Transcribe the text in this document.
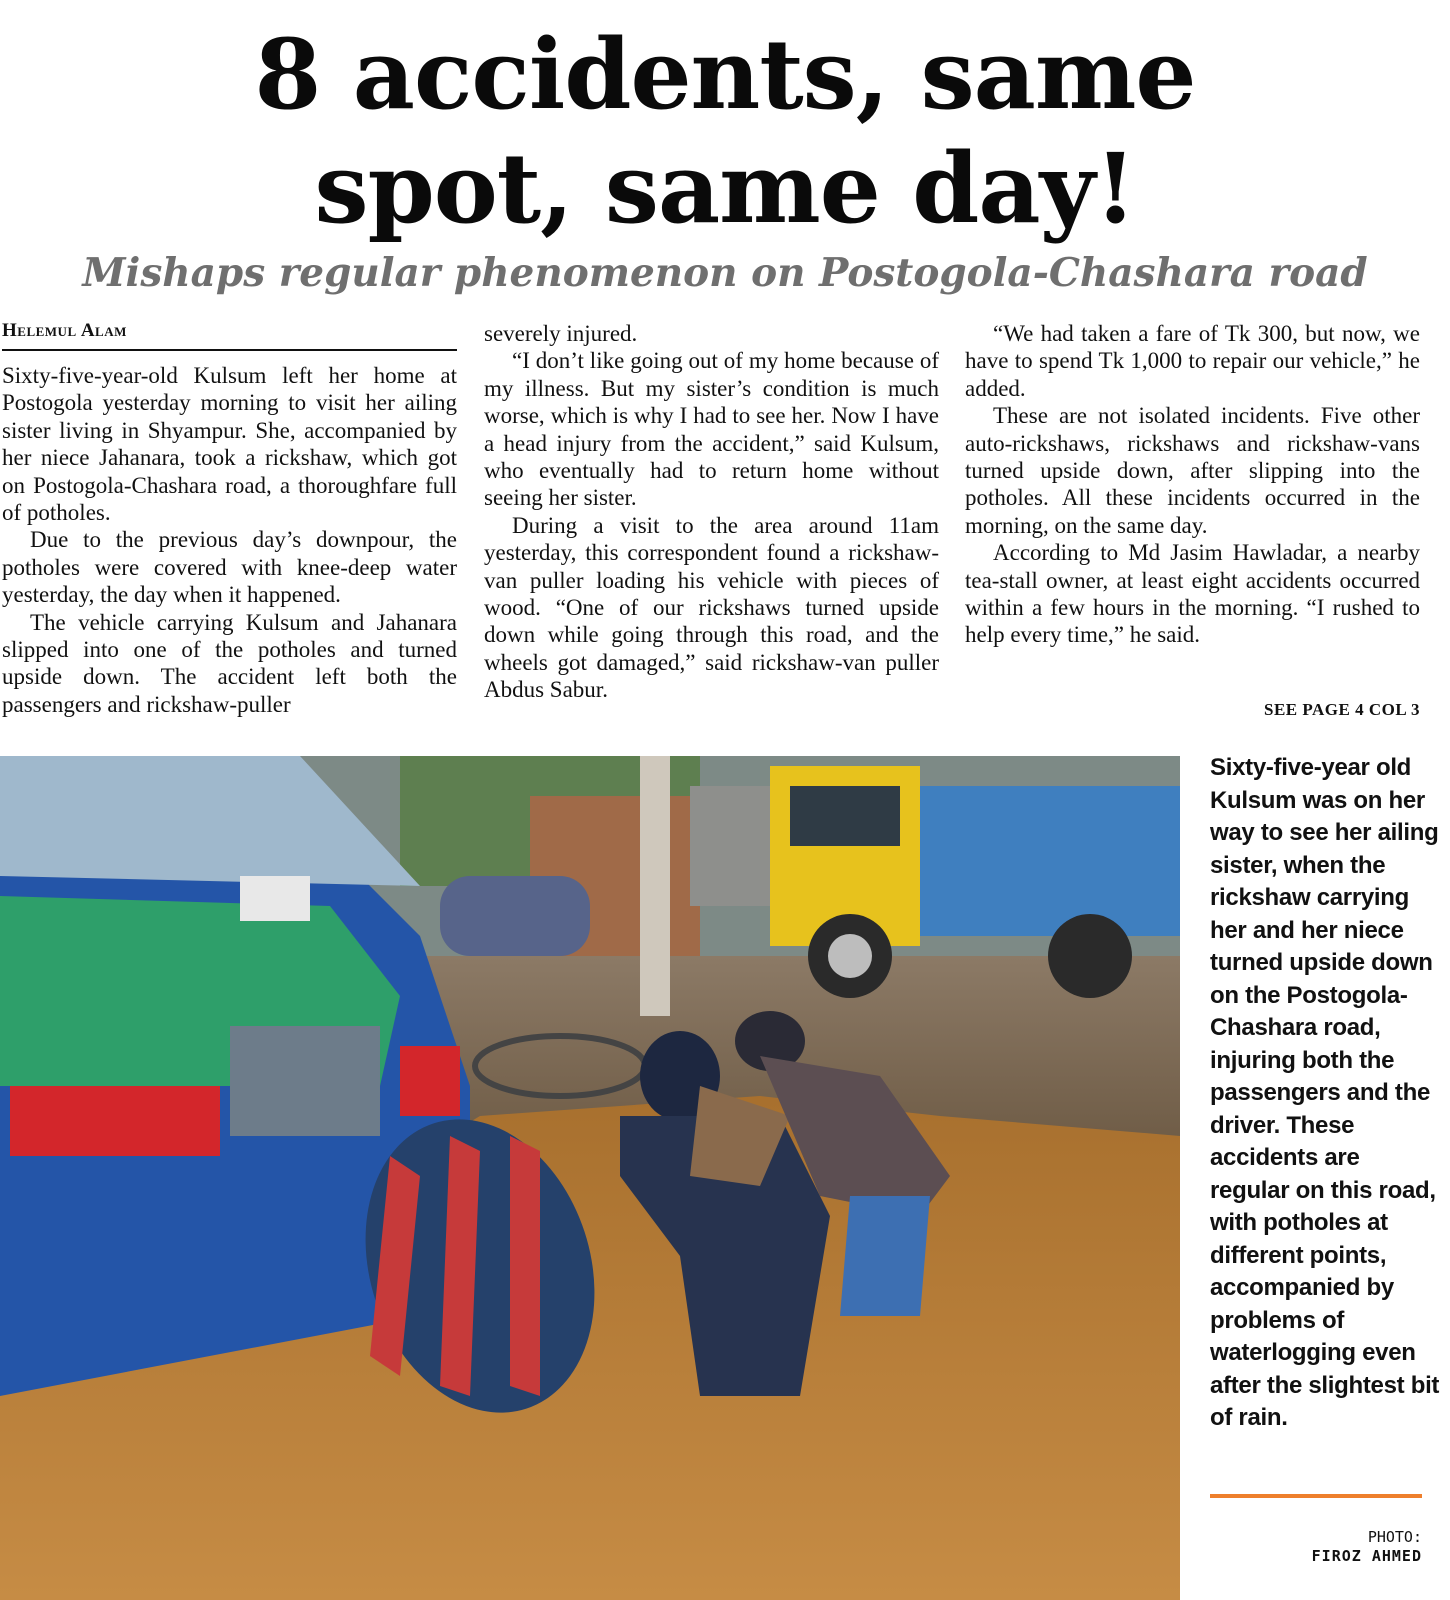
8 accidents, same
spot, same day!
Mishaps regular phenomenon on Postogola-Chashara road
Helemul Alam

Sixty-five-year-old Kulsum left her home at Postogola yesterday morning to visit her ailing sister living in Shyampur. She, accompanied by her niece Jahanara, took a rickshaw, which got on Postogola-Chashara road, a thoroughfare full of potholes.

Due to the previous day’s downpour, the potholes were covered with knee-deep water yesterday, the day when it happened.

The vehicle carrying Kulsum and Jahanara slipped into one of the potholes and turned upside down. The accident left both the passengers and rickshaw-puller

severely injured.

“I don’t like going out of my home because of my illness. But my sister’s condition is much worse, which is why I had to see her. Now I have a head injury from the accident,” said Kulsum, who eventually had to return home without seeing her sister.

During a visit to the area around 11am yesterday, this correspondent found a rickshaw-van puller loading his vehicle with pieces of wood. “One of our rickshaws turned upside down while going through this road, and the wheels got damaged,” said rickshaw-van puller Abdus Sabur.

“We had taken a fare of Tk 300, but now, we have to spend Tk 1,000 to repair our vehicle,” he added.

These are not isolated incidents. Five other auto-rickshaws, rickshaws and rickshaw-vans turned upside down, after slipping into the potholes. All these incidents occurred in the morning, on the same day.

According to Md Jasim Hawladar, a nearby tea-stall owner, at least eight accidents occurred within a few hours in the morning. “I rushed to help every time,” he said.

SEE PAGE 4 COL 3

Sixty-five-year old Kulsum was on her way to see her ailing sister, when the rickshaw carrying her and her niece turned upside down on the Postogola-Chashara road, injuring both the passengers and the driver. These accidents are regular on this road, with potholes at different points, accompanied by problems of waterlogging even after the slightest bit of rain.

PHOTO:
FIROZ AHMED
